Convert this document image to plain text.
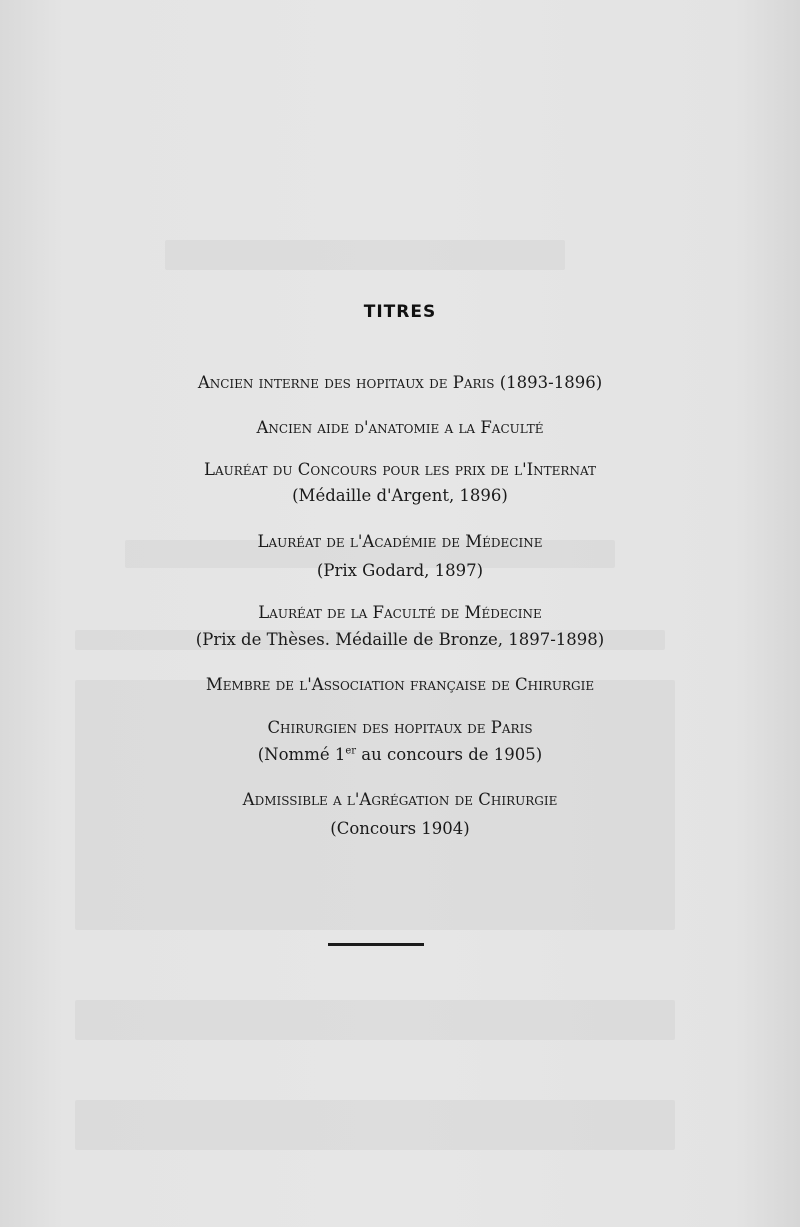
TITRES
Ancien interne des hopitaux de Paris (1893-1896)
Ancien aide d'anatomie a la Faculté
Lauréat du Concours pour les prix de l'Internat
(Médaille d'Argent, 1896)
Lauréat de l'Académie de Médecine
(Prix Godard, 1897)
Lauréat de la Faculté de Médecine
(Prix de Thèses. Médaille de Bronze, 1897-1898)
Membre de l'Association française de Chirurgie
Chirurgien des hopitaux de Paris
(Nommé 1er au concours de 1905)
Admissible a l'Agrégation de Chirurgie
(Concours 1904)
